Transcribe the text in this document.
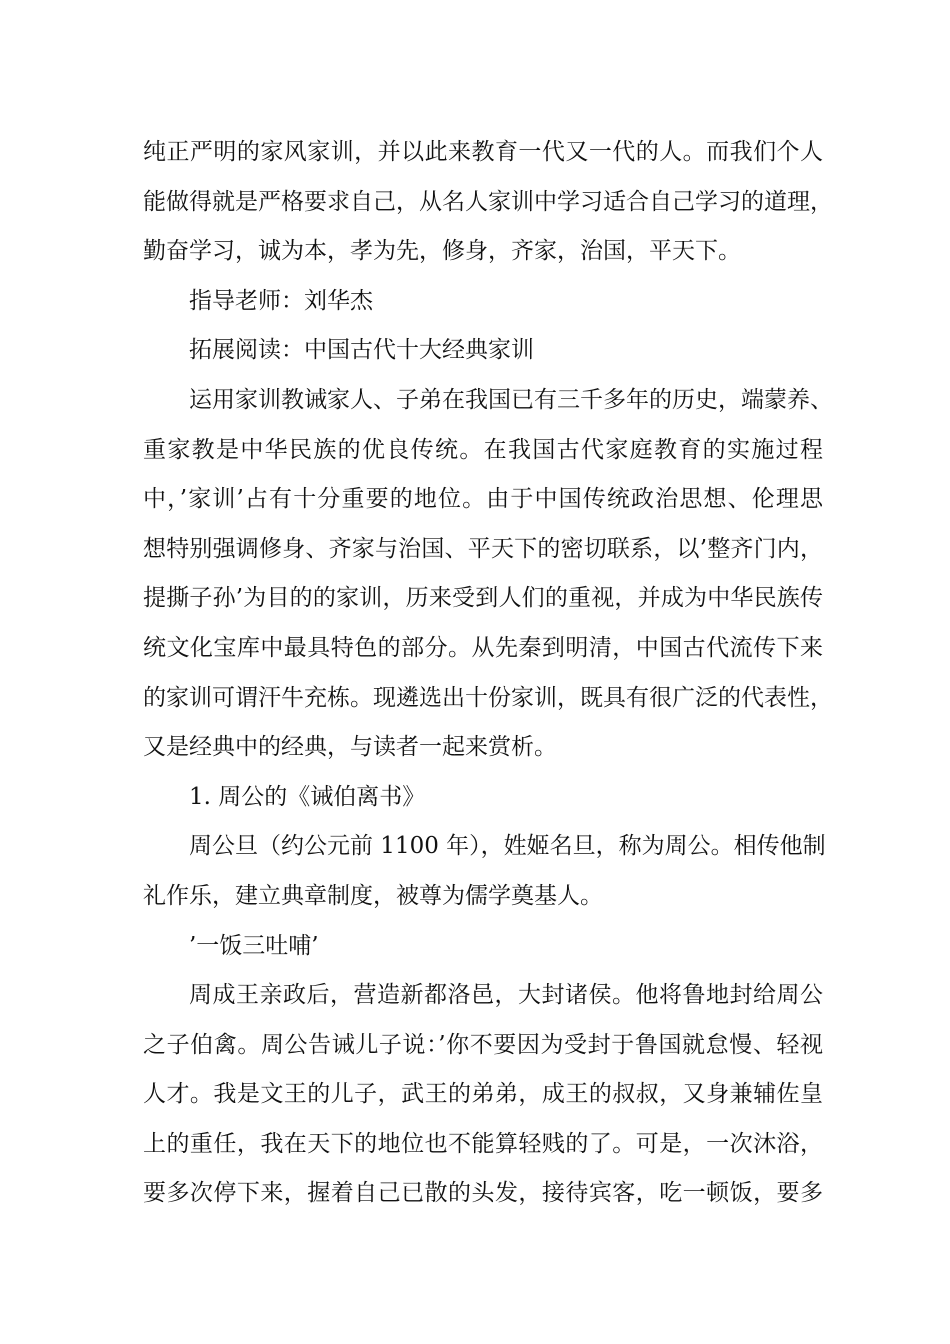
纯正严明的家风家训，并以此来教育一代又一代的人。而我们个人
能做得就是严格要求自己，从名人家训中学习适合自己学习的道理，
勤奋学习，诚为本，孝为先，修身，齐家，治国，平天下。
指导老师：刘华杰
拓展阅读：中国古代十大经典家训
运用家训教诫家人、子弟在我国已有三千多年的历史，端蒙养、
重家教是中华民族的优良传统。在我国古代家庭教育的实施过程
中，’家训’占有十分重要的地位。由于中国传统政治思想、伦理思
想特别强调修身、齐家与治国、平天下的密切联系，以’整齐门内，
提撕子孙’为目的的家训，历来受到人们的重视，并成为中华民族传
统文化宝库中最具特色的部分。从先秦到明清，中国古代流传下来
的家训可谓汗牛充栋。现遴选出十份家训，既具有很广泛的代表性，
又是经典中的经典，与读者一起来赏析。
1. 周公的《诫伯离书》
周公旦（约公元前 1100 年），姓姬名旦，称为周公。相传他制
礼作乐，建立典章制度，被尊为儒学奠基人。
’一饭三吐哺’
周成王亲政后，营造新都洛邑，大封诸侯。他将鲁地封给周公
之子伯禽。周公告诫儿子说：’你不要因为受封于鲁国就怠慢、轻视
人才。我是文王的儿子，武王的弟弟，成王的叔叔，又身兼辅佐皇
上的重任，我在天下的地位也不能算轻贱的了。可是，一次沐浴，
要多次停下来，握着自己已散的头发，接待宾客，吃一顿饭，要多
